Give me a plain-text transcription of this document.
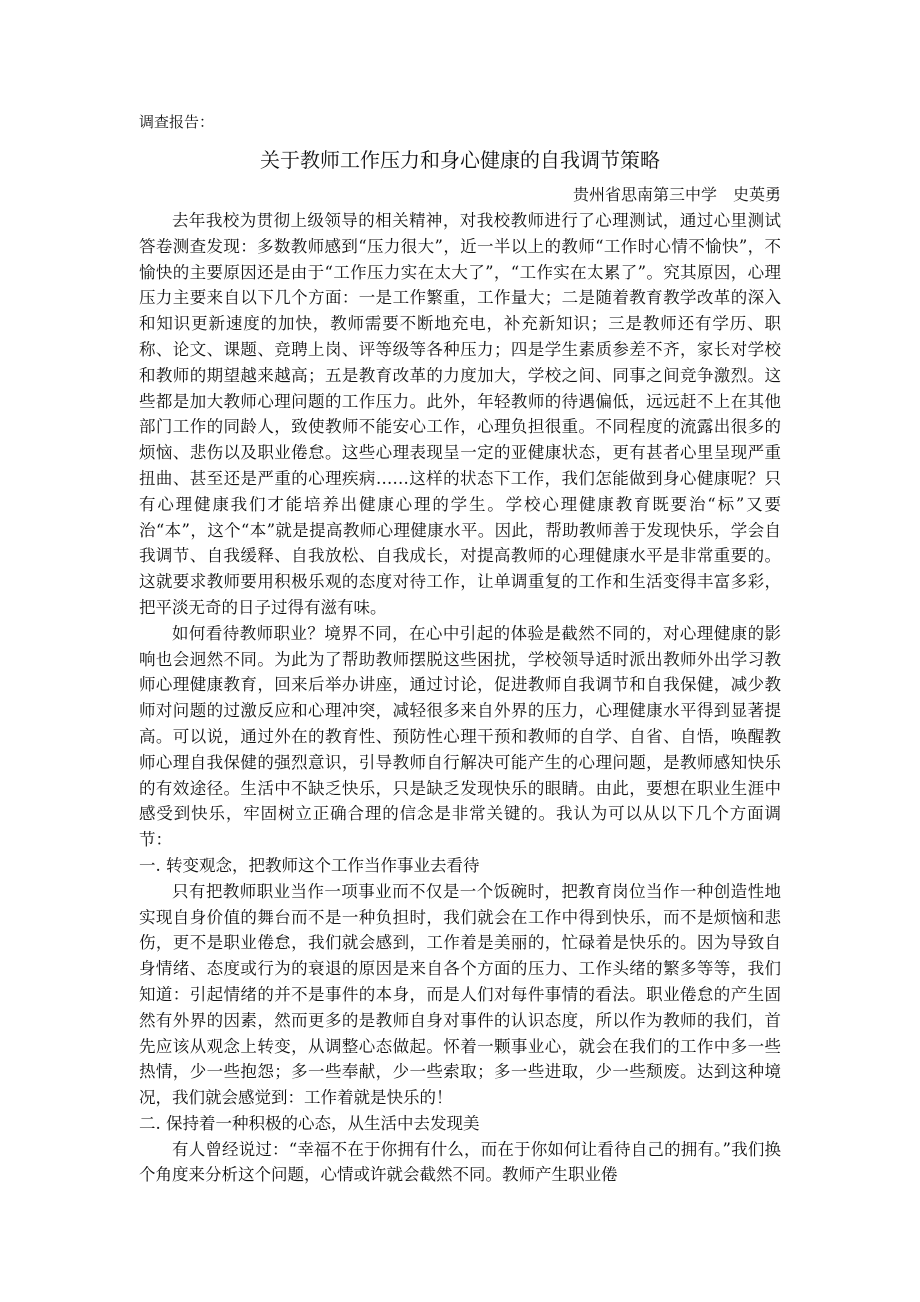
调查报告：

关于教师工作压力和身心健康的自我调节策略

贵州省思南第三中学　史英勇

去年我校为贯彻上级领导的相关精神，对我校教师进行了心理测试，通过心里测试答卷测查发现：多数教师感到“压力很大”，近一半以上的教师“工作时心情不愉快”，不愉快的主要原因还是由于“工作压力实在太大了”，“工作实在太累了”。究其原因，心理压力主要来自以下几个方面：一是工作繁重，工作量大；二是随着教育教学改革的深入和知识更新速度的加快，教师需要不断地充电，补充新知识；三是教师还有学历、职称、论文、课题、竞聘上岗、评等级等各种压力；四是学生素质参差不齐，家长对学校和教师的期望越来越高；五是教育改革的力度加大，学校之间、同事之间竞争激烈。这些都是加大教师心理问题的工作压力。此外，年轻教师的待遇偏低，远远赶不上在其他部门工作的同龄人，致使教师不能安心工作，心理负担很重。不同程度的流露出很多的烦恼、悲伤以及职业倦怠。这些心理表现呈一定的亚健康状态，更有甚者心里呈现严重扭曲、甚至还是严重的心理疾病……这样的状态下工作，我们怎能做到身心健康呢？只有心理健康我们才能培养出健康心理的学生。学校心理健康教育既要治“标”又要治“本”，这个“本”就是提高教师心理健康水平。因此，帮助教师善于发现快乐，学会自我调节、自我缓释、自我放松、自我成长，对提高教师的心理健康水平是非常重要的。这就要求教师要用积极乐观的态度对待工作，让单调重复的工作和生活变得丰富多彩，把平淡无奇的日子过得有滋有味。

如何看待教师职业？境界不同，在心中引起的体验是截然不同的，对心理健康的影响也会迥然不同。为此为了帮助教师摆脱这些困扰，学校领导适时派出教师外出学习教师心理健康教育，回来后举办讲座，通过讨论，促进教师自我调节和自我保健，减少教师对问题的过激反应和心理冲突，减轻很多来自外界的压力，心理健康水平得到显著提高。可以说，通过外在的教育性、预防性心理干预和教师的自学、自省、自悟，唤醒教师心理自我保健的强烈意识，引导教师自行解决可能产生的心理问题，是教师感知快乐的有效途径。生活中不缺乏快乐，只是缺乏发现快乐的眼睛。由此，要想在职业生涯中感受到快乐，牢固树立正确合理的信念是非常关键的。我认为可以从以下几个方面调节：

一. 转变观念，把教师这个工作当作事业去看待

只有把教师职业当作一项事业而不仅是一个饭碗时，把教育岗位当作一种创造性地实现自身价值的舞台而不是一种负担时，我们就会在工作中得到快乐，而不是烦恼和悲伤，更不是职业倦怠，我们就会感到，工作着是美丽的，忙碌着是快乐的。因为导致自身情绪、态度或行为的衰退的原因是来自各个方面的压力、工作头绪的繁多等等，我们知道：引起情绪的并不是事件的本身，而是人们对每件事情的看法。职业倦怠的产生固然有外界的因素，然而更多的是教师自身对事件的认识态度，所以作为教师的我们，首先应该从观念上转变，从调整心态做起。怀着一颗事业心，就会在我们的工作中多一些热情，少一些抱怨；多一些奉献，少一些索取；多一些进取，少一些颓废。达到这种境况，我们就会感觉到：工作着就是快乐的！

二. 保持着一种积极的心态，从生活中去发现美

有人曾经说过：“幸福不在于你拥有什么，而在于你如何让看待自己的拥有。”我们换个角度来分析这个问题，心情或许就会截然不同。教师产生职业倦
